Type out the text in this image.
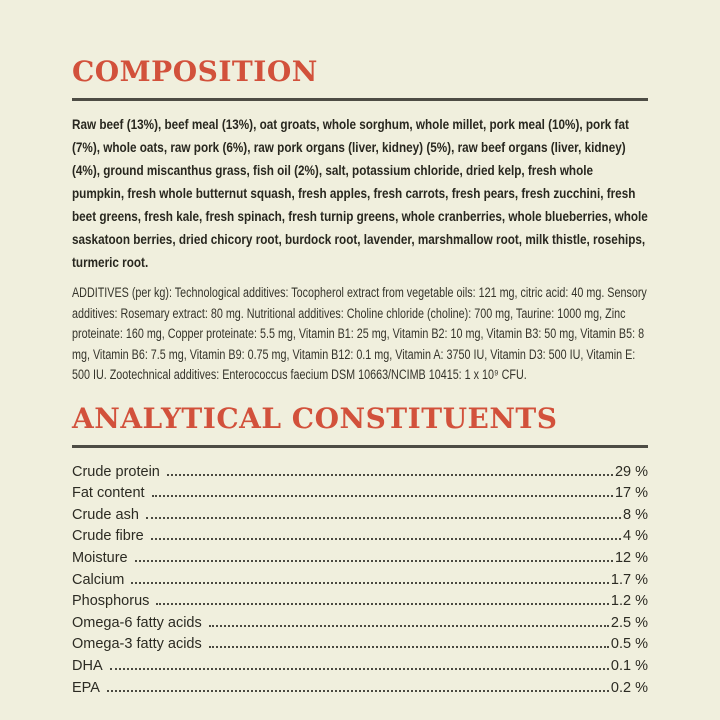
COMPOSITION

Raw beef (13%), beef meal (13%), oat groats, whole sorghum, whole millet, pork meal (10%), pork fat (7%), whole oats, raw pork (6%), raw pork organs (liver, kidney) (5%), raw beef organs (liver, kidney) (4%), ground miscanthus grass, fish oil (2%), salt, potassium chloride, dried kelp, fresh whole pumpkin, fresh whole butternut squash, fresh apples, fresh carrots, fresh pears, fresh zucchini, fresh beet greens, fresh kale, fresh spinach, fresh turnip greens, whole cranberries, whole blueberries, whole saskatoon berries, dried chicory root, burdock root, lavender, marshmallow root, milk thistle, rosehips, turmeric root.

ADDITIVES (per kg): Technological additives: Tocopherol extract from vegetable oils: 121 mg, citric acid: 40 mg. Sensory additives: Rosemary extract: 80 mg. Nutritional additives: Choline chloride (choline): 700 mg, Taurine: 1000 mg, Zinc proteinate: 160 mg, Copper proteinate: 5.5 mg, Vitamin B1: 25 mg, Vitamin B2: 10 mg, Vitamin B3: 50 mg, Vitamin B5: 8 mg, Vitamin B6: 7.5 mg, Vitamin B9: 0.75 mg, Vitamin B12: 0.1 mg, Vitamin A: 3750 IU, Vitamin D3: 500 IU, Vitamin E: 500 IU. Zootechnical additives: Enterococcus faecium DSM 10663/NCIMB 10415: 1 x 10⁹ CFU.

ANALYTICAL CONSTITUENTS
Crude protein	29 %
Fat content	17 %
Crude ash	8 %
Crude fibre	4 %
Moisture	12 %
Calcium	1.7 %
Phosphorus	1.2 %
Omega-6 fatty acids	2.5 %
Omega-3 fatty acids	0.5 %
DHA	0.1 %
EPA	0.2 %
